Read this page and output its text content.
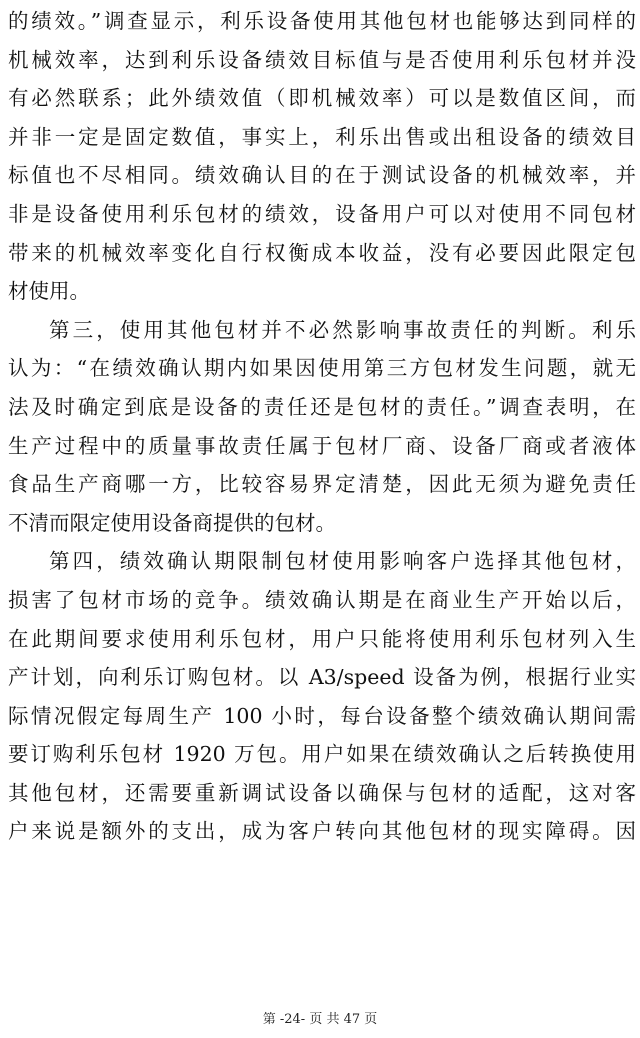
的绩效。”调查显示，利乐设备使用其他包材也能够达到同样的
机械效率，达到利乐设备绩效目标值与是否使用利乐包材并没
有必然联系；此外绩效值（即机械效率）可以是数值区间，而
并非一定是固定数值，事实上，利乐出售或出租设备的绩效目
标值也不尽相同。绩效确认目的在于测试设备的机械效率，并
非是设备使用利乐包材的绩效，设备用户可以对使用不同包材
带来的机械效率变化自行权衡成本收益，没有必要因此限定包
材使用。
第三，使用其他包材并不必然影响事故责任的判断。利乐
认为：“在绩效确认期内如果因使用第三方包材发生问题，就无
法及时确定到底是设备的责任还是包材的责任。”调查表明，在
生产过程中的质量事故责任属于包材厂商、设备厂商或者液体
食品生产商哪一方，比较容易界定清楚，因此无须为避免责任
不清而限定使用设备商提供的包材。
第四，绩效确认期限制包材使用影响客户选择其他包材，
损害了包材市场的竞争。绩效确认期是在商业生产开始以后，
在此期间要求使用利乐包材，用户只能将使用利乐包材列入生
产计划，向利乐订购包材。以 A3/speed 设备为例，根据行业实
际情况假定每周生产 100 小时，每台设备整个绩效确认期间需
要订购利乐包材 1920 万包。用户如果在绩效确认之后转换使用
其他包材，还需要重新调试设备以确保与包材的适配，这对客
户来说是额外的支出，成为客户转向其他包材的现实障碍。因
第 -24- 页 共 47 页
